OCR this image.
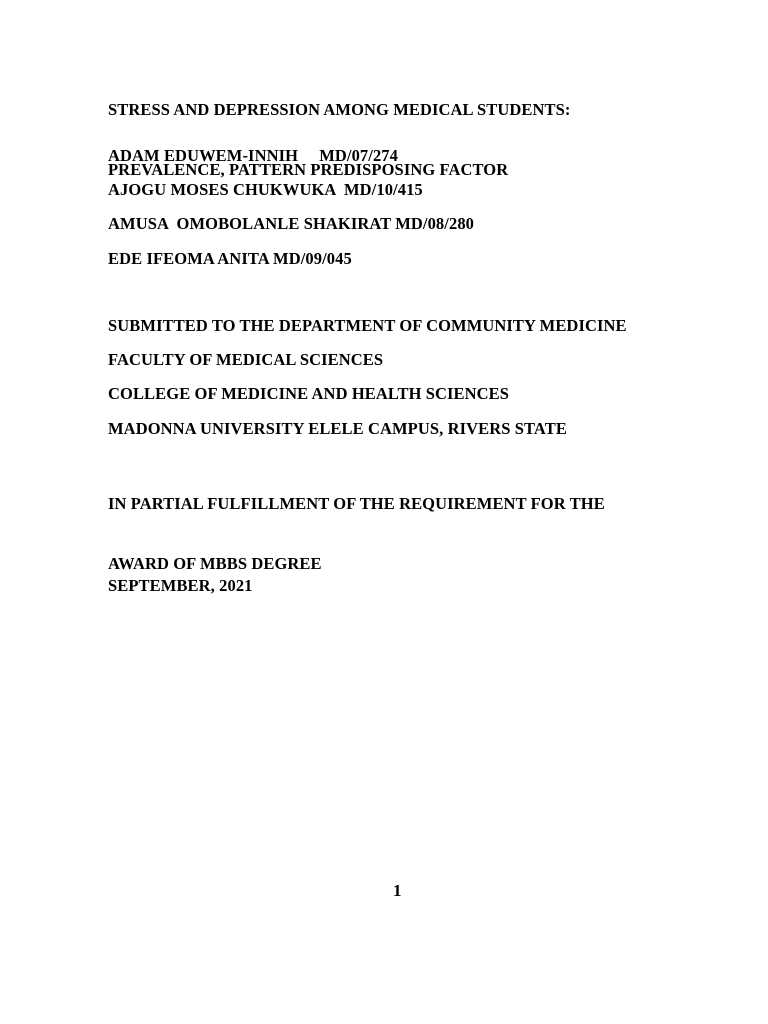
STRESS AND DEPRESSION AMONG MEDICAL STUDENTS:

PREVALENCE, PATTERN PREDISPOSING FACTOR

ADAM EDUWEM-INNIH     MD/07/274
AJOGU MOSES CHUKWUKA  MD/10/415
AMUSA  OMOBOLANLE SHAKIRAT MD/08/280
EDE IFEOMA ANITA MD/09/045
SUBMITTED TO THE DEPARTMENT OF COMMUNITY MEDICINE
FACULTY OF MEDICAL SCIENCES
COLLEGE OF MEDICINE AND HEALTH SCIENCES
MADONNA UNIVERSITY ELELE CAMPUS, RIVERS STATE

IN PARTIAL FULFILLMENT OF THE REQUIREMENT FOR THE

AWARD OF MBBS DEGREE

SEPTEMBER, 2021
1
